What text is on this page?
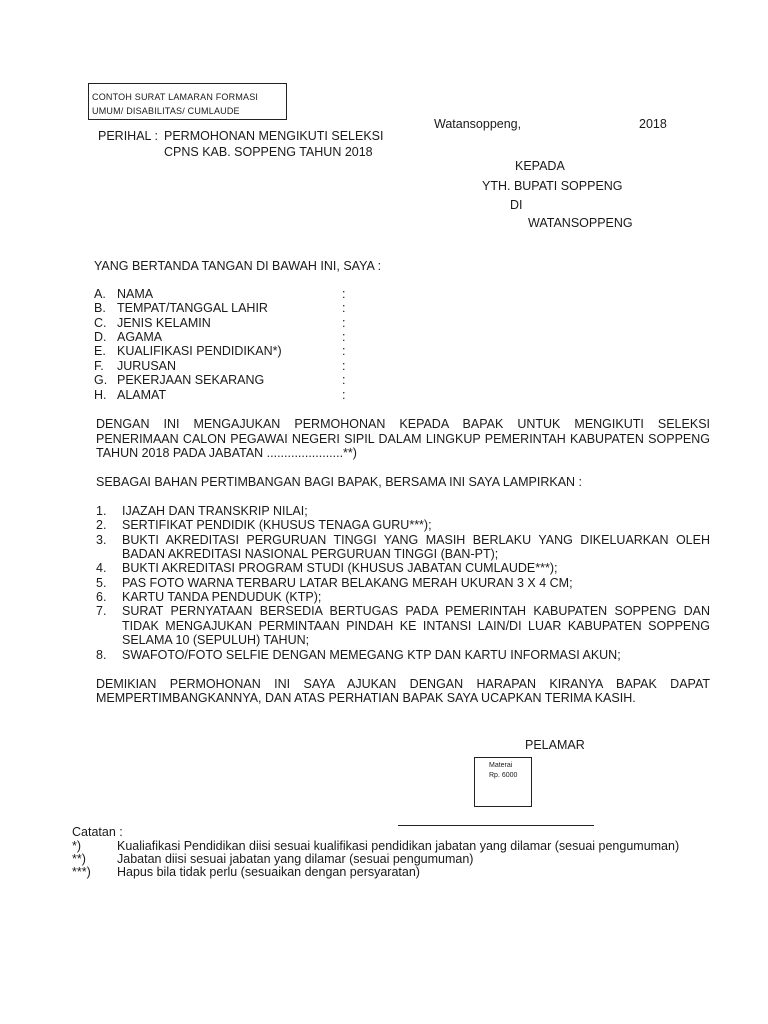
CONTOH SURAT LAMARAN FORMASI
UMUM/ DISABILITAS/ CUMLAUDE
Watansoppeng,	2018
PERIHAL : PERMOHONAN MENGIKUTI SELEKSI
CPNS KAB. SOPPENG TAHUN 2018
KEPADA
YTH. BUPATI SOPPENG
DI
WATANSOPPENG
YANG BERTANDA TANGAN DI BAWAH INI, SAYA :
A. NAMA	:
B. TEMPAT/TANGGAL LAHIR	:
C. JENIS KELAMIN	:
D. AGAMA	:
E. KUALIFIKASI PENDIDIKAN*)	:
F. JURUSAN	:
G. PEKERJAAN SEKARANG	:
H. ALAMAT	:
DENGAN INI MENGAJUKAN PERMOHONAN KEPADA BAPAK UNTUK MENGIKUTI SELEKSI
PENERIMAAN CALON PEGAWAI NEGERI SIPIL DALAM LINGKUP PEMERINTAH KABUPATEN SOPPENG
TAHUN 2018 PADA JABATAN ......................**)
SEBAGAI BAHAN PERTIMBANGAN BAGI BAPAK, BERSAMA INI SAYA LAMPIRKAN :
1. IJAZAH DAN TRANSKRIP NILAI;
2. SERTIFIKAT PENDIDIK (KHUSUS TENAGA GURU***);
3. BUKTI AKREDITASI PERGURUAN TINGGI YANG MASIH BERLAKU YANG DIKELUARKAN OLEH
BADAN AKREDITASI NASIONAL PERGURUAN TINGGI (BAN-PT);
4. BUKTI AKREDITASI PROGRAM STUDI (KHUSUS JABATAN CUMLAUDE***);
5. PAS FOTO WARNA TERBARU LATAR BELAKANG MERAH UKURAN 3 X 4 CM;
6. KARTU TANDA PENDUDUK (KTP);
7. SURAT PERNYATAAN BERSEDIA BERTUGAS PADA PEMERINTAH KABUPATEN SOPPENG DAN
TIDAK MENGAJUKAN PERMINTAAN PINDAH KE INTANSI LAIN/DI LUAR KABUPATEN SOPPENG
SELAMA 10 (SEPULUH) TAHUN;
8. SWAFOTO/FOTO SELFIE DENGAN MEMEGANG KTP DAN KARTU INFORMASI AKUN;
DEMIKIAN PERMOHONAN INI SAYA AJUKAN DENGAN HARAPAN KIRANYA BAPAK DAPAT
MEMPERTIMBANGKANNYA, DAN ATAS PERHATIAN BAPAK SAYA UCAPKAN TERIMA KASIH.
PELAMAR
Materai
Rp. 6000
Catatan :
*)	Kualiafikasi Pendidikan diisi sesuai kualifikasi pendidikan jabatan yang dilamar (sesuai pengumuman)
**) Jabatan diisi sesuai jabatan yang dilamar (sesuai pengumuman)
***) Hapus bila tidak perlu (sesuaikan dengan persyaratan)
